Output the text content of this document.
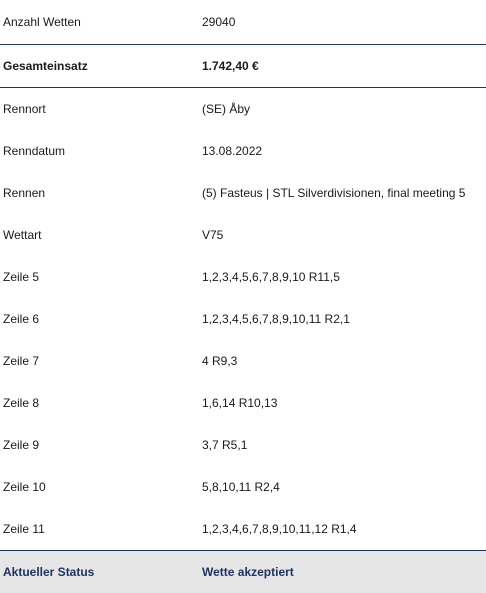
Anzahl Wetten	29040
Gesamteinsatz	1.742,40 €
Rennort	(SE) Åby
Renndatum	13.08.2022
Rennen	(5) Fasteus | STL Silverdivisionen, final meeting 5
Wettart	V75
Zeile 5	1,2,3,4,5,6,7,8,9,10 R11,5
Zeile 6	1,2,3,4,5,6,7,8,9,10,11 R2,1
Zeile 7	4 R9,3
Zeile 8	1,6,14 R10,13
Zeile 9	3,7 R5,1
Zeile 10	5,8,10,11 R2,4
Zeile 11	1,2,3,4,6,7,8,9,10,11,12 R1,4
Aktueller Status	Wette akzeptiert
